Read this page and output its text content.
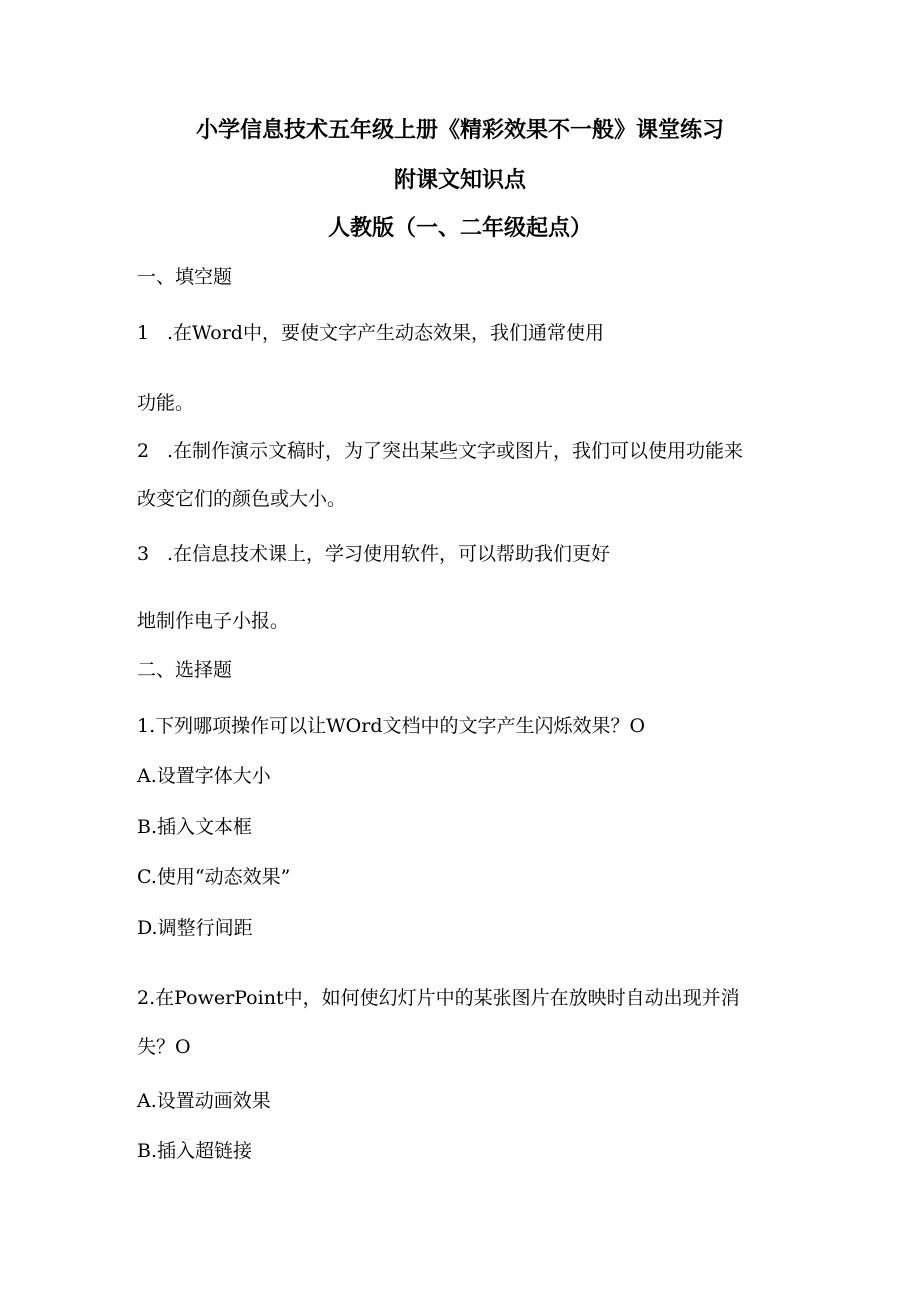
小学信息技术五年级上册《精彩效果不一般》课堂练习
附课文知识点
人教版（一、二年级起点）

一、填空题

1 .在Word中，要使文字产生动态效果，我们通常使用

功能。

2 .在制作演示文稿时，为了突出某些文字或图片，我们可以使用功能来

改变它们的颜色或大小。

3 .在信息技术课上，学习使用软件，可以帮助我们更好

地制作电子小报。

二、选择题

1.下列哪项操作可以让WOrd文档中的文字产生闪烁效果？O

A.设置字体大小

B.插入文本框

C.使用“动态效果”

D.调整行间距

2.在PowerPoint中，如何使幻灯片中的某张图片在放映时自动出现并消

失？O

A.设置动画效果

B.插入超链接
